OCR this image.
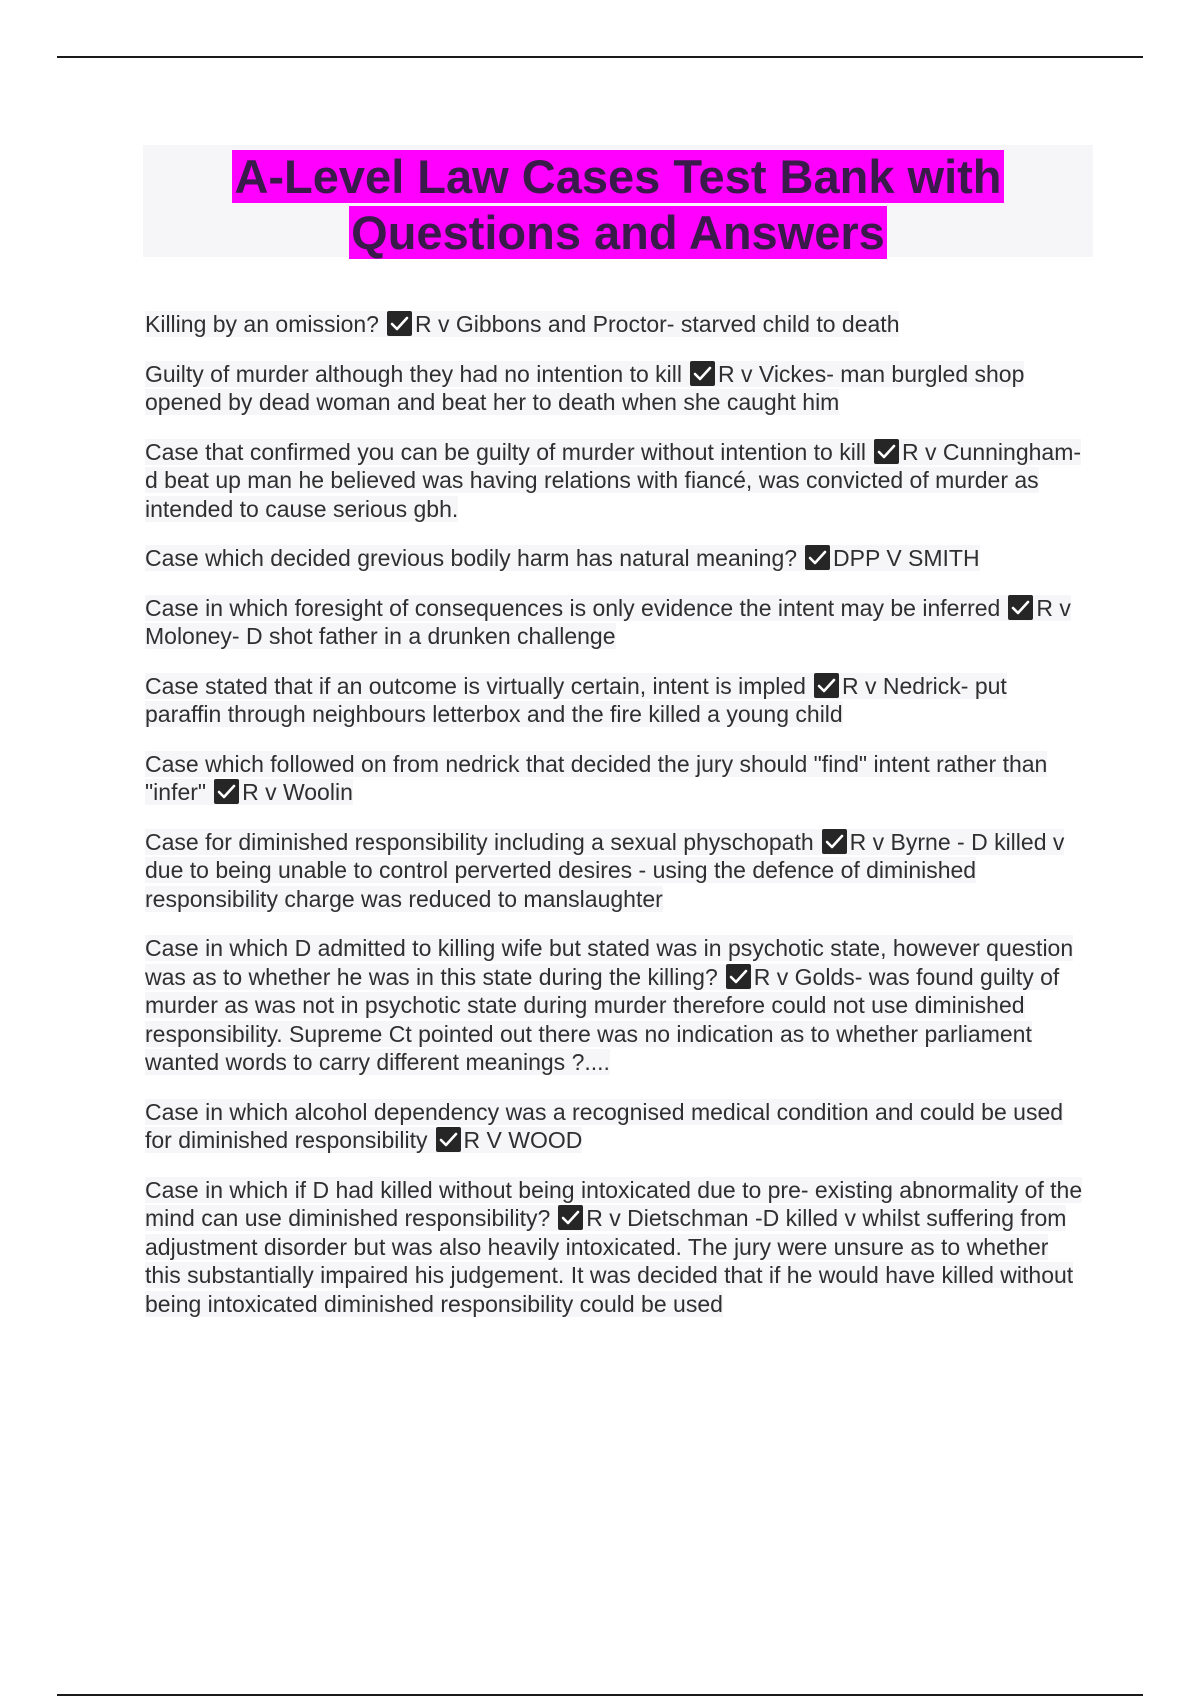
A-Level Law Cases Test Bank with
Questions and Answers

Killing by an omission? R v Gibbons and Proctor- starved child to death

Guilty of murder although they had no intention to kill R v Vickes- man burgled shop opened by dead woman and beat her to death when she caught him

Case that confirmed you can be guilty of murder without intention to kill R v Cunningham- d beat up man he believed was having relations with fiancé, was convicted of murder as intended to cause serious gbh.

Case which decided grevious bodily harm has natural meaning? DPP V SMITH

Case in which foresight of consequences is only evidence the intent may be inferred R v Moloney- D shot father in a drunken challenge

Case stated that if an outcome is virtually certain, intent is impled R v Nedrick- put paraffin through neighbours letterbox and the fire killed a young child

Case which followed on from nedrick that decided the jury should "find" intent rather than "infer" R v Woolin

Case for diminished responsibility including a sexual physchopath R v Byrne - D killed v due to being unable to control perverted desires - using the defence of diminished responsibility charge was reduced to manslaughter

Case in which D admitted to killing wife but stated was in psychotic state, however question was as to whether he was in this state during the killing? R v Golds- was found guilty of murder as was not in psychotic state during murder therefore could not use diminished responsibility. Supreme Ct pointed out there was no indication as to whether parliament wanted words to carry different meanings ?....

Case in which alcohol dependency was a recognised medical condition and could be used for diminished responsibility R V WOOD

Case in which if D had killed without being intoxicated due to pre- existing abnormality of the mind can use diminished responsibility? R v Dietschman -D killed v whilst suffering from adjustment disorder but was also heavily intoxicated. The jury were unsure as to whether this substantially impaired his judgement. It was decided that if he would have killed without being intoxicated diminished responsibility could be used
